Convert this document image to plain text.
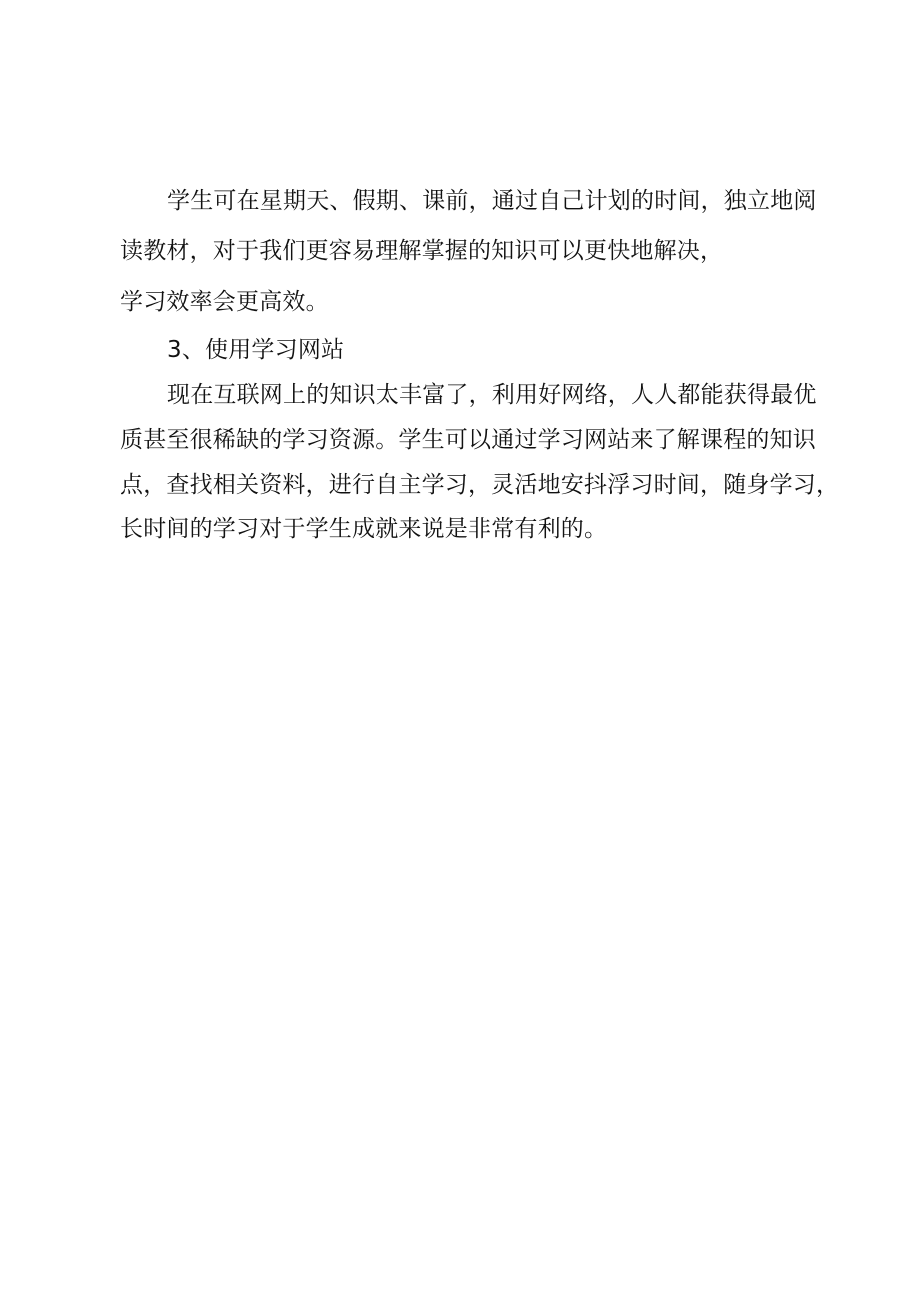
学生可在星期天、假期、课前，通过自己计划的时间，独立地阅
读教材，对于我们更容易理解掌握的知识可以更快地解决，
学习效率会更高效。
3、使用学习网站
现在互联网上的知识太丰富了，利用好网络，人人都能获得最优
质甚至很稀缺的学习资源。学生可以通过学习网站来了解课程的知识
点，查找相关资料，进行自主学习，灵活地安抖浮习时间，随身学习，
长时间的学习对于学生成就来说是非常有利的。
